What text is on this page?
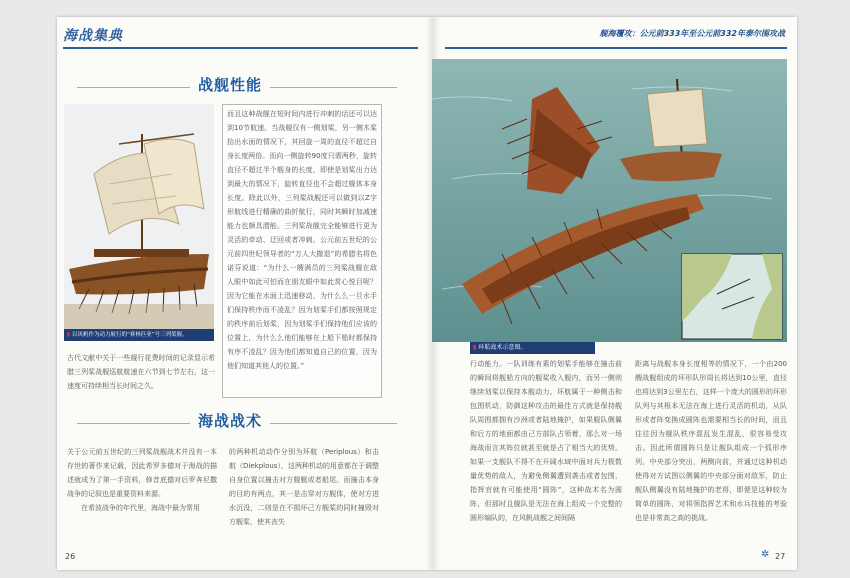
海战集典	舰海覆攻：公元前333年至公元前332年泰尔围攻战
战舰性能
▮ 以风帆作为动力航行的“赛林匹亚”号三列桨舰。
而且这种战舰在短时间内进行冲刺的话还可以达到10节航速。当战舰仅有一侧划桨，另一侧木桨抬出水面的情况下，其回旋一周的直径不超过自身长度两倍。而向一侧旋转90度只需两秒，旋转直径不超过半个舰身的长度，即使是划桨出力达到最大的情况下，旋转直径也不会超过舰体本身长度。除此以外，三列桨战舰还可以做到以Z字形航线进行精确的曲折航行，同时其瞬时加减速能力也颇具潜能。三列桨战舰完全能够进行更为灵活的牵动、迂回或者冲刺。公元前五世纪的公元前四世纪领导者的“万人大撤退”的希腊名将色诺芬说道：“为什么一艘满员的三列桨战舰在敌人眼中如此可怕而在朋友眼中如此赏心悦目呢？因为它能在水面上迅速移动，为什么么一旦水手们保持秩序而不凌乱？因为划桨手们都按照规定的秩序前后划桨，因为划桨手们保持他们应该的位置上，为什么么他们能够在上船下船时都保持有序不凌乱？因为他们都知道自己的位置，因为他们知道其他人的位置。”
古代文献中关于一些舰行花费时间的记录显示希腊三列桨战舰巡航航速在六节到七节左右，这一速度可持续相当长时间之久。
海战战术
关于公元前五世纪的三列桨战舰战术并没有一本存世的著作来记载，因此希罗多德对于海战的描述就成为了第一手资料，修昔底德对后罗奔尼撒战争的记叙也是重要资料来源。
在希波战争的年代里，海战中最为常用
的两种机动动作分别为环航（Periplous）和击航（Diekplous），这两种机动的用意都在于调整自身位置以撞击对方舰艇或者船尾。而撞击本身的目的有两点，其一是击穿对方舰体，使对方进水沉没，二则是在不损坏己方舰桨的同时撞毁对方舰桨，使其丧失
26
▮ 环航战术示意图。
行动能力。一队训练有素的划桨手能够在撞击前的瞬间将舰船方向的舰桨收入舰内，而另一侧则继续划桨以保持本舰动力。环航属于一种侧击和包围机动，防御这种攻击的最佳方式就是保持舰队周围都拥有沙洲或者陆地掩护，如果舰队侧翼和后方的地面都由己方部队占领着，那么对一场海战而言其阵位就甚至就是占了相当大的优势。如果一支舰队不得不在开阔水域中面对兵力极数量优势的敌人，为避免侧翼遭到袭击或者包围，指挥官就有可能使用“圆阵”，这种战术名为圆阵，但那时且舰队是无法在海上组成一个完整的圆形编队的，在风帆战舰之间间隔
距离与战舰本身长度相等的情况下，一个由200艘战舰组成的环形队形周长将达到10公里，直径也将达到3公里左右，这样一个庞大的圆形的环形队列与其根本无法在海上进行灵活的机动，从队形或者阵变换成圆阵也需要相当长的时间，而且往往因为舰队秩序混乱发生混乱，很容易受攻击。因此所谓圆阵只是让舰队组成一个弧形序列，中央部分突出，两侧向前，并通过这种机动使得对方试图以侧翼的中央部分面对敌军，防止舰队侧翼没有陆地掩护的老将，即便是这种较为简单的圆阵，对将领指挥艺术和水兵技能的考验也是非常高之高的挑战。
✲ 27
